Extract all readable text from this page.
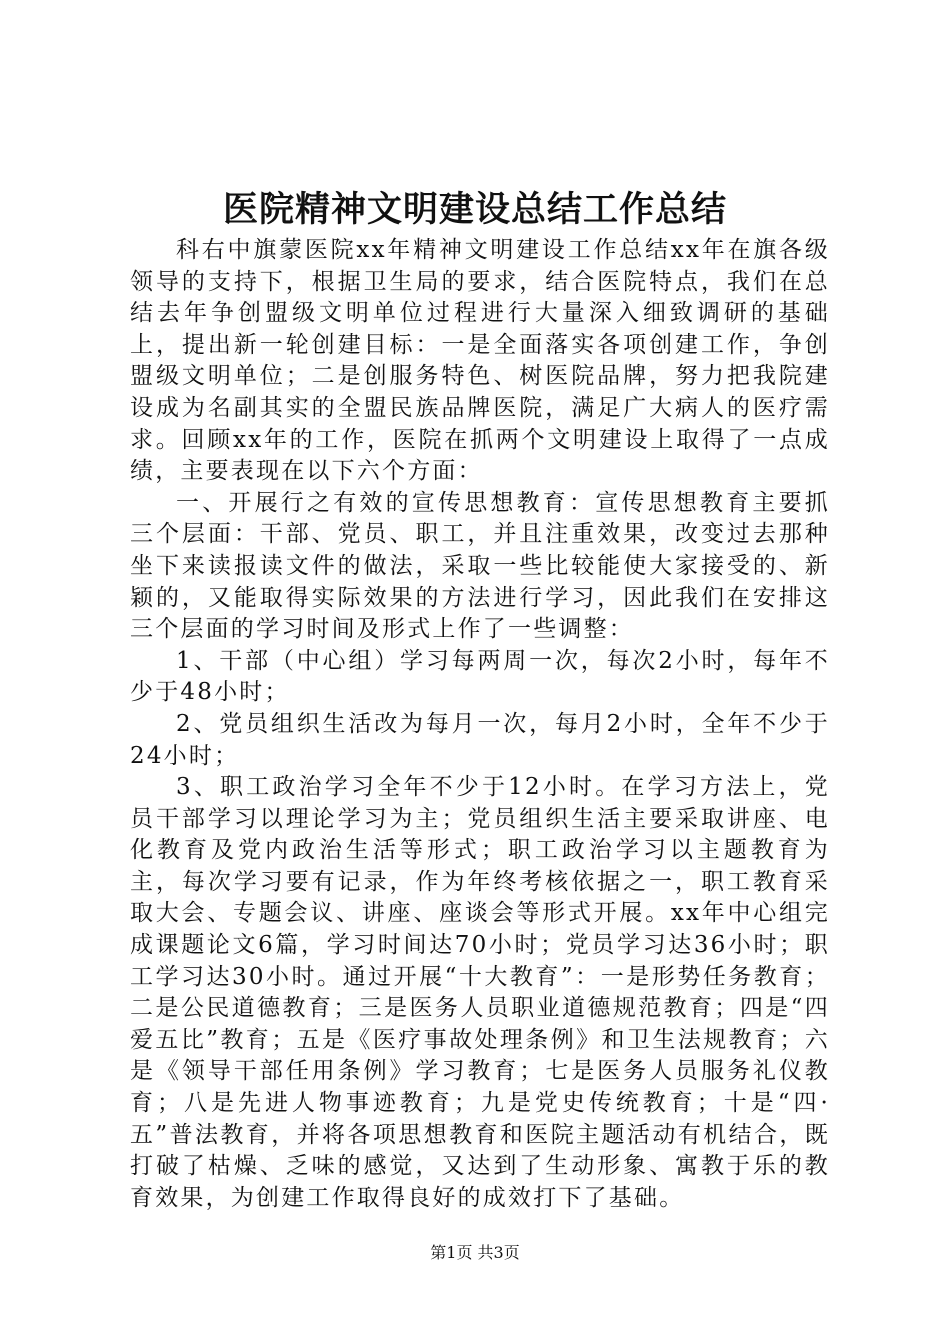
医院精神文明建设总结工作总结

科右中旗蒙医院xx年精神文明建设工作总结xx年在旗各级领导的支持下，根据卫生局的要求，结合医院特点，我们在总结去年争创盟级文明单位过程进行大量深入细致调研的基础上，提出新一轮创建目标：一是全面落实各项创建工作，争创盟级文明单位；二是创服务特色、树医院品牌，努力把我院建设成为名副其实的全盟民族品牌医院，满足广大病人的医疗需求。回顾xx年的工作，医院在抓两个文明建设上取得了一点成绩，主要表现在以下六个方面：

一、开展行之有效的宣传思想教育：宣传思想教育主要抓三个层面：干部、党员、职工，并且注重效果，改变过去那种坐下来读报读文件的做法，采取一些比较能使大家接受的、新颖的，又能取得实际效果的方法进行学习，因此我们在安排这三个层面的学习时间及形式上作了一些调整：

1、干部（中心组）学习每两周一次，每次2小时，每年不少于48小时；

2、党员组织生活改为每月一次，每月2小时，全年不少于24小时；

3、职工政治学习全年不少于12小时。在学习方法上，党员干部学习以理论学习为主；党员组织生活主要采取讲座、电化教育及党内政治生活等形式；职工政治学习以主题教育为主，每次学习要有记录，作为年终考核依据之一，职工教育采取大会、专题会议、讲座、座谈会等形式开展。xx年中心组完成课题论文6篇，学习时间达70小时；党员学习达36小时；职工学习达30小时。通过开展“十大教育”：一是形势任务教育；二是公民道德教育；三是医务人员职业道德规范教育；四是“四爱五比”教育；五是《医疗事故处理条例》和卫生法规教育；六是《领导干部任用条例》学习教育；七是医务人员服务礼仪教育；八是先进人物事迹教育；九是党史传统教育；十是“四·五”普法教育，并将各项思想教育和医院主题活动有机结合，既打破了枯燥、乏味的感觉，又达到了生动形象、寓教于乐的教育效果，为创建工作取得良好的成效打下了基础。

第1页 共3页
